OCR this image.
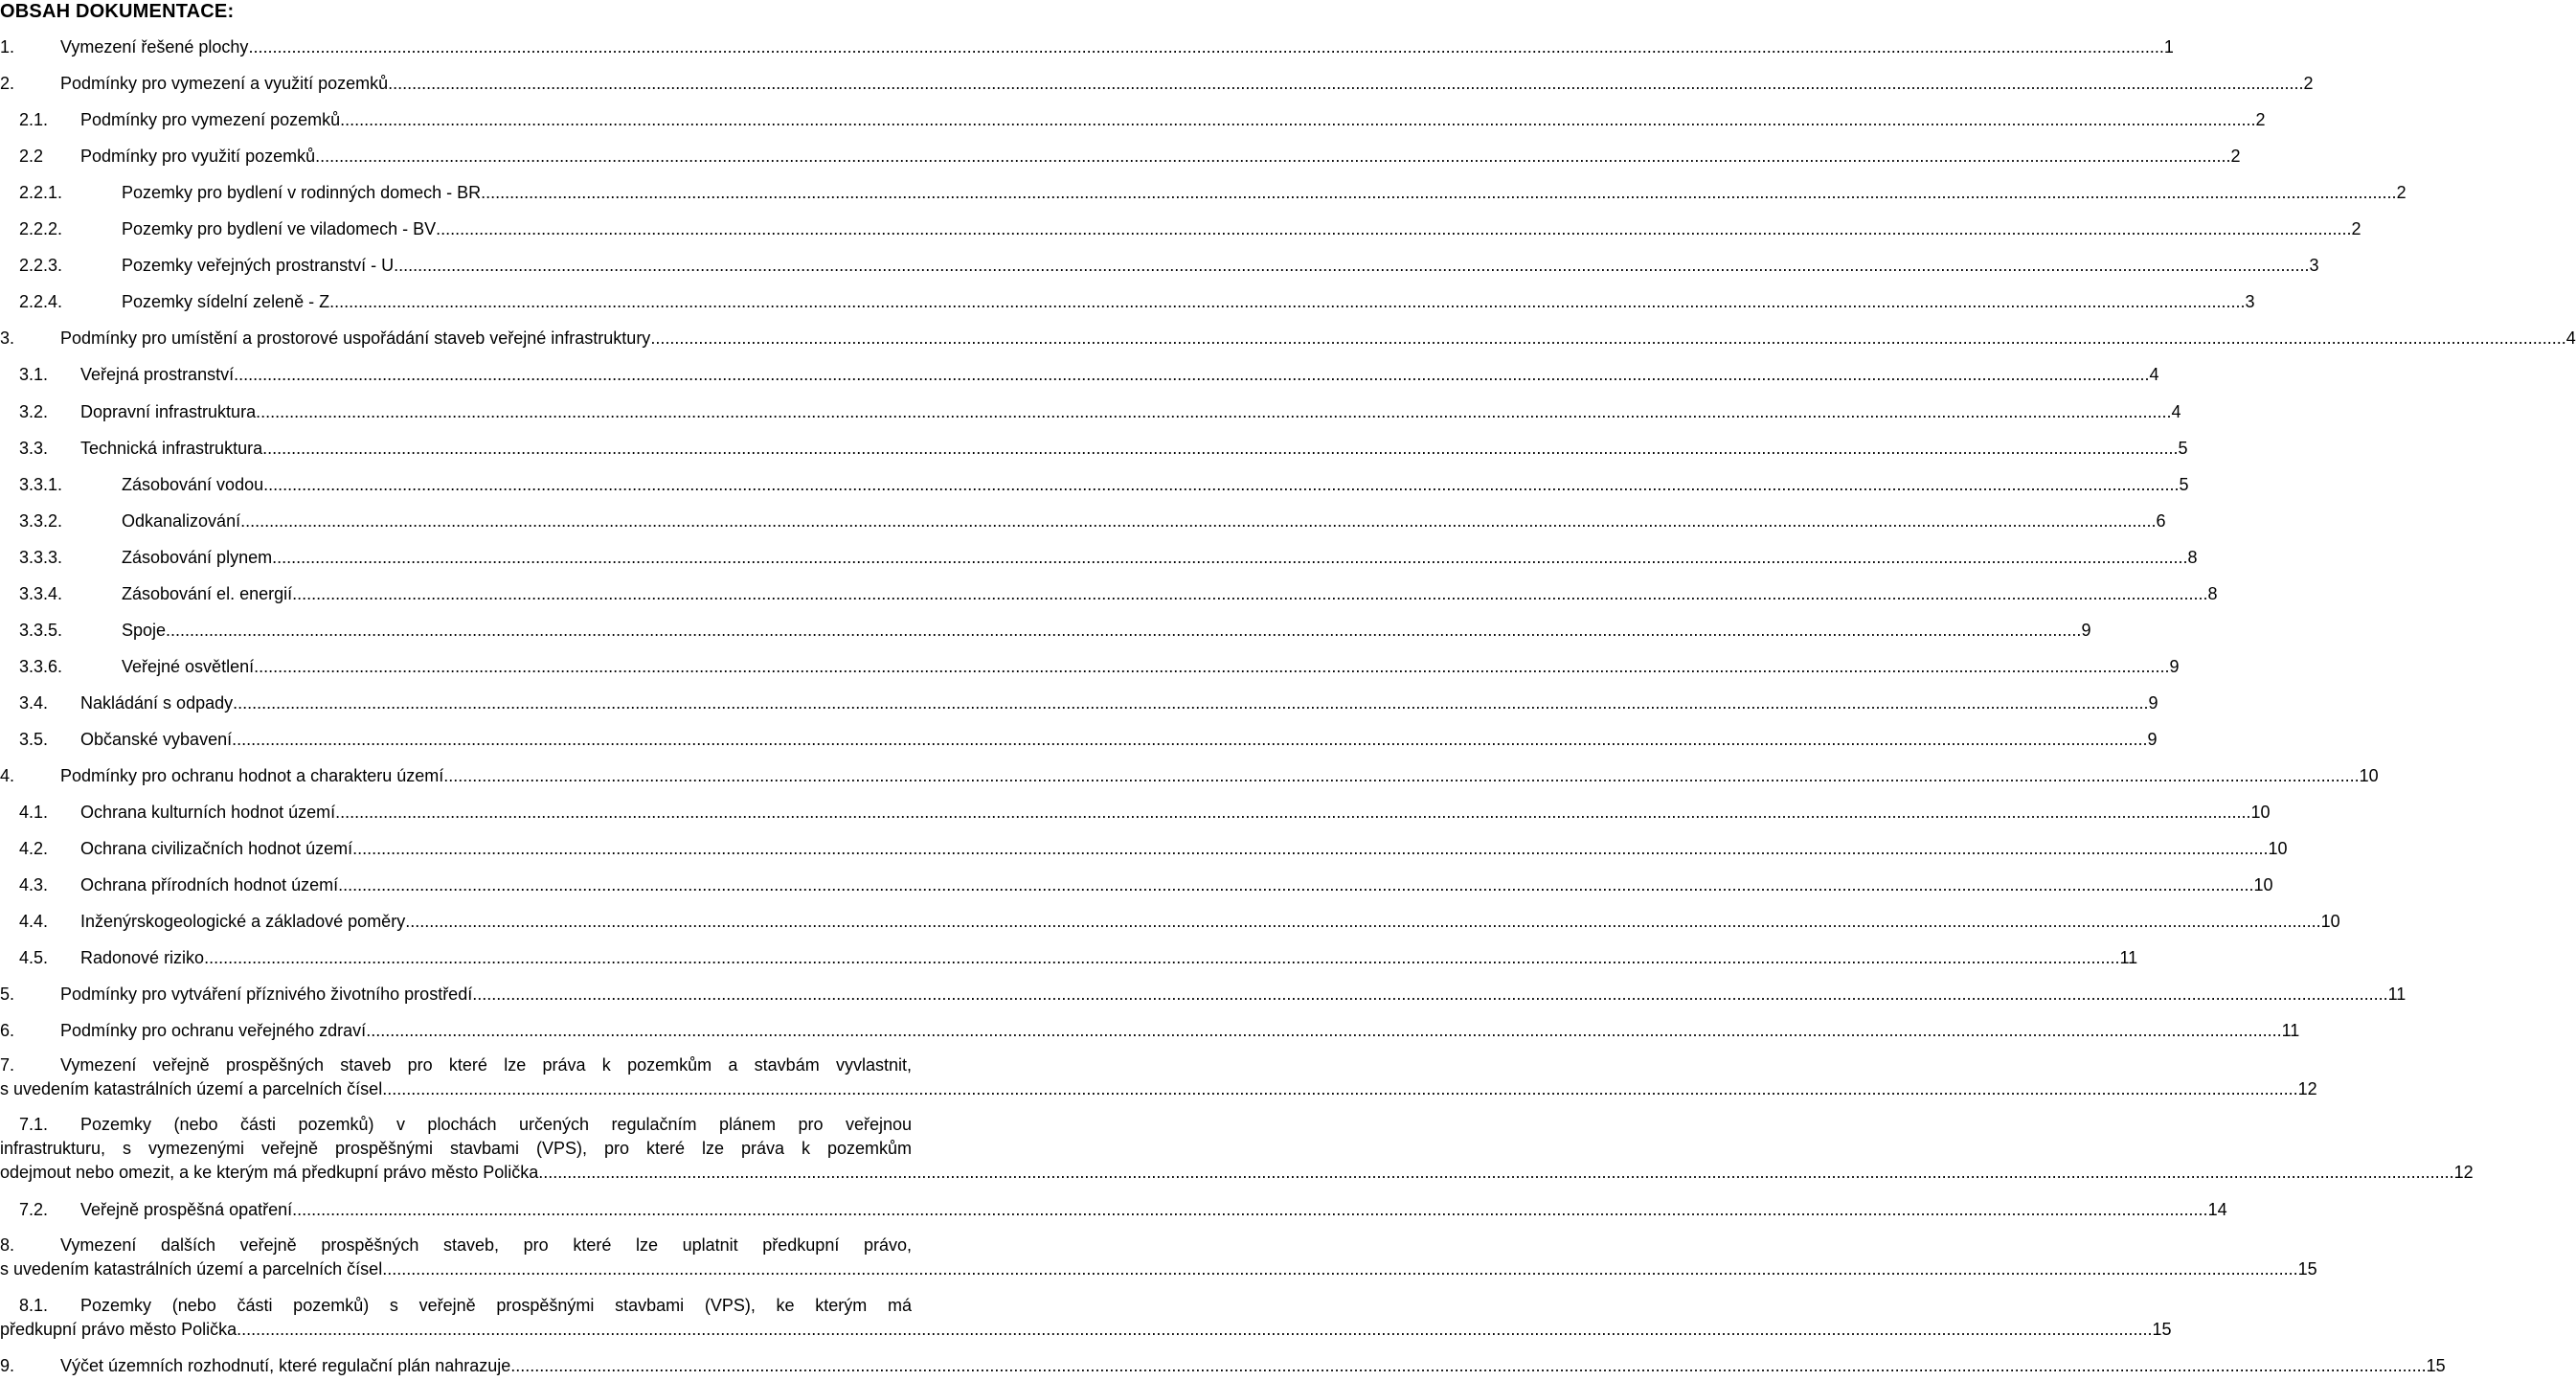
OBSAH DOKUMENTACE:
1.	Vymezení řešené plochy ................................................................................................................................................................................................................................................................................................................................................................................................................ 1
2.	Podmínky pro vymezení a využití pozemků ................................................................................................................................................................................................................................................................................................................................................................................................................ 2
2.1. Podmínky pro vymezení pozemků ................................................................................................................................................................................................................................................................................................................................................................................................................ 2
2.2 Podmínky pro využití pozemků ................................................................................................................................................................................................................................................................................................................................................................................................................ 2
2.2.1.	Pozemky pro bydlení v rodinných domech - BR ................................................................................................................................................................................................................................................................................................................................................................................................................ 2
2.2.2.	Pozemky pro bydlení ve viladomech - BV ................................................................................................................................................................................................................................................................................................................................................................................................................ 2
2.2.3.	Pozemky veřejných prostranství - U ................................................................................................................................................................................................................................................................................................................................................................................................................ 3
2.2.4.	Pozemky sídelní zeleně - Z ................................................................................................................................................................................................................................................................................................................................................................................................................ 3
3.	Podmínky pro umístění a prostorové uspořádání staveb veřejné infrastruktury ................................................................................................................................................................................................................................................................................................................................................................................................................ 4
3.1. Veřejná prostranství ................................................................................................................................................................................................................................................................................................................................................................................................................ 4
3.2. Dopravní infrastruktura ................................................................................................................................................................................................................................................................................................................................................................................................................ 4
3.3. Technická infrastruktura ................................................................................................................................................................................................................................................................................................................................................................................................................ 5
3.3.1.	Zásobování vodou ................................................................................................................................................................................................................................................................................................................................................................................................................ 5
3.3.2.	Odkanalizování ................................................................................................................................................................................................................................................................................................................................................................................................................ 6
3.3.3.	Zásobování plynem ................................................................................................................................................................................................................................................................................................................................................................................................................ 8
3.3.4.	Zásobování el. energií ................................................................................................................................................................................................................................................................................................................................................................................................................ 8
3.3.5.	Spoje ................................................................................................................................................................................................................................................................................................................................................................................................................ 9
3.3.6.	Veřejné osvětlení ................................................................................................................................................................................................................................................................................................................................................................................................................ 9
3.4. Nakládání s odpady ................................................................................................................................................................................................................................................................................................................................................................................................................ 9
3.5. Občanské vybavení ................................................................................................................................................................................................................................................................................................................................................................................................................ 9
4.	Podmínky pro ochranu hodnot a charakteru území ................................................................................................................................................................................................................................................................................................................................................................................................................ 10
4.1. Ochrana kulturních hodnot území ................................................................................................................................................................................................................................................................................................................................................................................................................ 10
4.2. Ochrana civilizačních hodnot území ................................................................................................................................................................................................................................................................................................................................................................................................................ 10
4.3. Ochrana přírodních hodnot území ................................................................................................................................................................................................................................................................................................................................................................................................................ 10
4.4. Inženýrskogeologické a základové poměry ................................................................................................................................................................................................................................................................................................................................................................................................................ 10
4.5. Radonové riziko ................................................................................................................................................................................................................................................................................................................................................................................................................ 11
5.	Podmínky pro vytváření příznivého životního prostředí ................................................................................................................................................................................................................................................................................................................................................................................................................ 11
6.	Podmínky pro ochranu veřejného zdraví ................................................................................................................................................................................................................................................................................................................................................................................................................ 11
7.	Vymezení veřejně prospěšných staveb pro které lze práva k pozemkům a stavbám vyvlastnit,
s uvedením katastrálních území a parcelních čísel ................................................................................................................................................................................................................................................................................................................................................................................................................ 12
7.1. Pozemky (nebo části pozemků) v plochách určených regulačním plánem pro veřejnou
infrastrukturu, s vymezenými veřejně prospěšnými stavbami (VPS), pro které lze práva k pozemkům
odejmout nebo omezit, a ke kterým má předkupní právo město Polička ................................................................................................................................................................................................................................................................................................................................................................................................................ 12
7.2. Veřejně prospěšná opatření ................................................................................................................................................................................................................................................................................................................................................................................................................ 14
8.	Vymezení dalších veřejně prospěšných staveb, pro které lze uplatnit předkupní právo,
s uvedením katastrálních území a parcelních čísel ................................................................................................................................................................................................................................................................................................................................................................................................................ 15
8.1. Pozemky (nebo části pozemků) s veřejně prospěšnými stavbami (VPS), ke kterým má
předkupní právo město Polička ................................................................................................................................................................................................................................................................................................................................................................................................................ 15
9.	Výčet územních rozhodnutí, které regulační plán nahrazuje ................................................................................................................................................................................................................................................................................................................................................................................................................ 15
